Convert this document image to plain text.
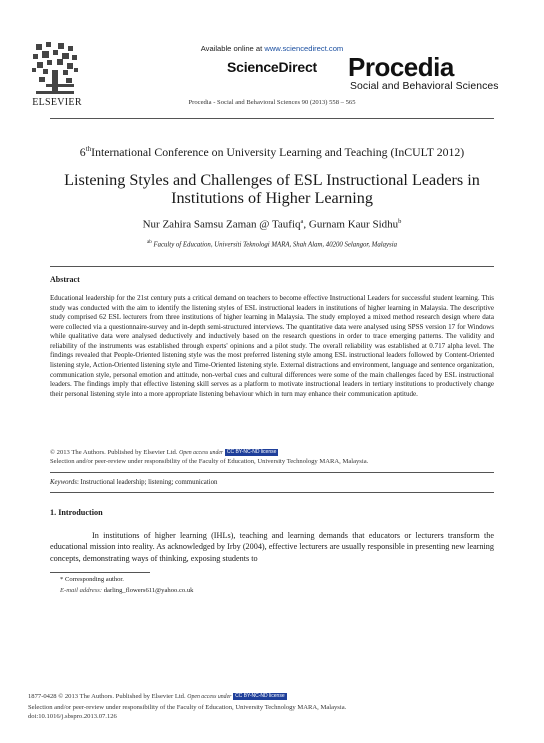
ELSEVIER
Available online at www.sciencedirect.com
ScienceDirect
Procedia - Social and Behavioral Sciences 90 (2013) 558 – 565
Procedia
Social and Behavioral Sciences
6thInternational Conference on University Learning and Teaching (InCULT 2012)
Listening Styles and Challenges of ESL Instructional Leaders in Institutions of Higher Learning
Nur Zahira Samsu Zaman @ Taufiq$^a$, Gurnam Kaur Sidhu$^b$
$^{ab}$ Faculty of Education, Universiti Teknologi MARA, Shah Alam, 40200 Selangor, Malaysia
Abstract
Educational leadership for the 21st century puts a critical demand on teachers to become effective Instructional Leaders for successful student learning. This study was conducted with the aim to identify the listening styles of ESL instructional leaders in institutions of higher learning in Malaysia. The descriptive study comprised 62 ESL lecturers from three institutions of higher learning in Malaysia. The study employed a mixed method research design where data were collected via a questionnaire-survey and in-depth semi-structured interviews. The quantitative data were analysed using SPSS version 17 for Windows while qualitative data were analysed deductively and inductively based on the research questions in order to trace emerging patterns. The validity and reliability of the instruments was established through experts' opinions and a pilot study. The overall reliability was established at 0.717 alpha level. The findings revealed that People-Oriented listening style was the most preferred listening style among ESL instructional leaders followed by Content-Oriented listening style, Action-Oriented listening style and Time-Oriented listening style. External distractions and environment, language and sentence organization, communication style, personal emotion and attitude, non-verbal cues and cultural differences were some of the main challenges faced by ESL instructional leaders. The findings imply that effective listening skill serves as a platform to motivate instructional leaders in tertiary institutions to productively change their personal listening style into a more appropriate listening behaviour which in turn may enhance their communication aptitude.
© 2013 The Authors. Published by Elsevier Ltd. Open access under CC BY-NC-ND license
Selection and/or peer-review under responsibility of the Faculty of Education, University Technology MARA, Malaysia.
Keywords: Instructional leadership; listening; communication
1. Introduction
In institutions of higher learning (IHLs), teaching and learning demands that educators or lecturers transform the educational mission into reality. As acknowledged by Irby (2004), effective lecturers are usually responsible in presenting new learning concepts, demonstrating ways of thinking, exposing students to
* Corresponding author.
E-mail address: darling_flowers611@yahoo.co.uk
1877-0428 © 2013 The Authors. Published by Elsevier Ltd. Open access under CC BY-NC-ND license
Selection and/or peer-review under responsibility of the Faculty of Education, University Technology MARA, Malaysia.
doi:10.1016/j.sbspro.2013.07.126
